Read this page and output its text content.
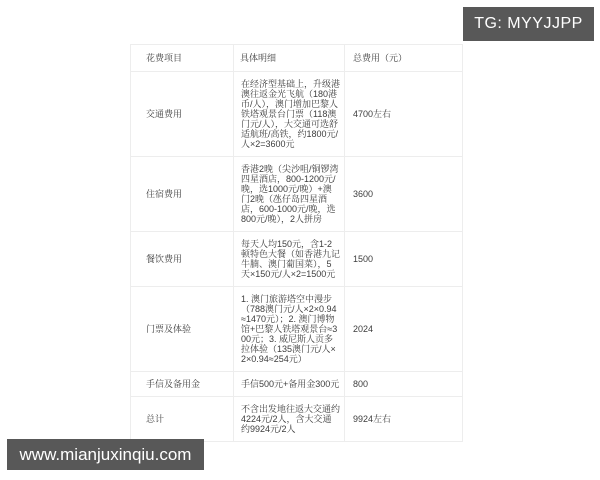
TG: MYYJJPP
花费项目	具体明细	总费用（元）
交通费用	在经济型基础上，升级港澳往返金光飞航（180港币/人），澳门增加巴黎人铁塔观景台门票（118澳门元/人），大交通可选舒适航班/高铁，约1800元/人×2=3600元	4700左右
住宿费用	香港2晚（尖沙咀/铜锣湾四星酒店，800-1200元/晚，选1000元/晚）+澳门2晚（氹仔岛四星酒店，600-1000元/晚，选800元/晚），2人拼房	3600
餐饮费用	每天人均150元，含1-2顿特色大餐（如香港九记牛腩、澳门葡国菜），5天×150元/人×2=1500元	1500
门票及体验	1. 澳门旅游塔空中漫步（788澳门元/人×2×0.94≈1470元）；2. 澳门博物馆+巴黎人铁塔观景台≈300元；3. 威尼斯人贡多拉体验（135澳门元/人×2×0.94≈254元）	2024
手信及备用金	手信500元+备用金300元	800
总计	不含出发地往返大交通约4224元/2人，含大交通约9924元/2人	9924左右
www.mianjuxinqiu.com
